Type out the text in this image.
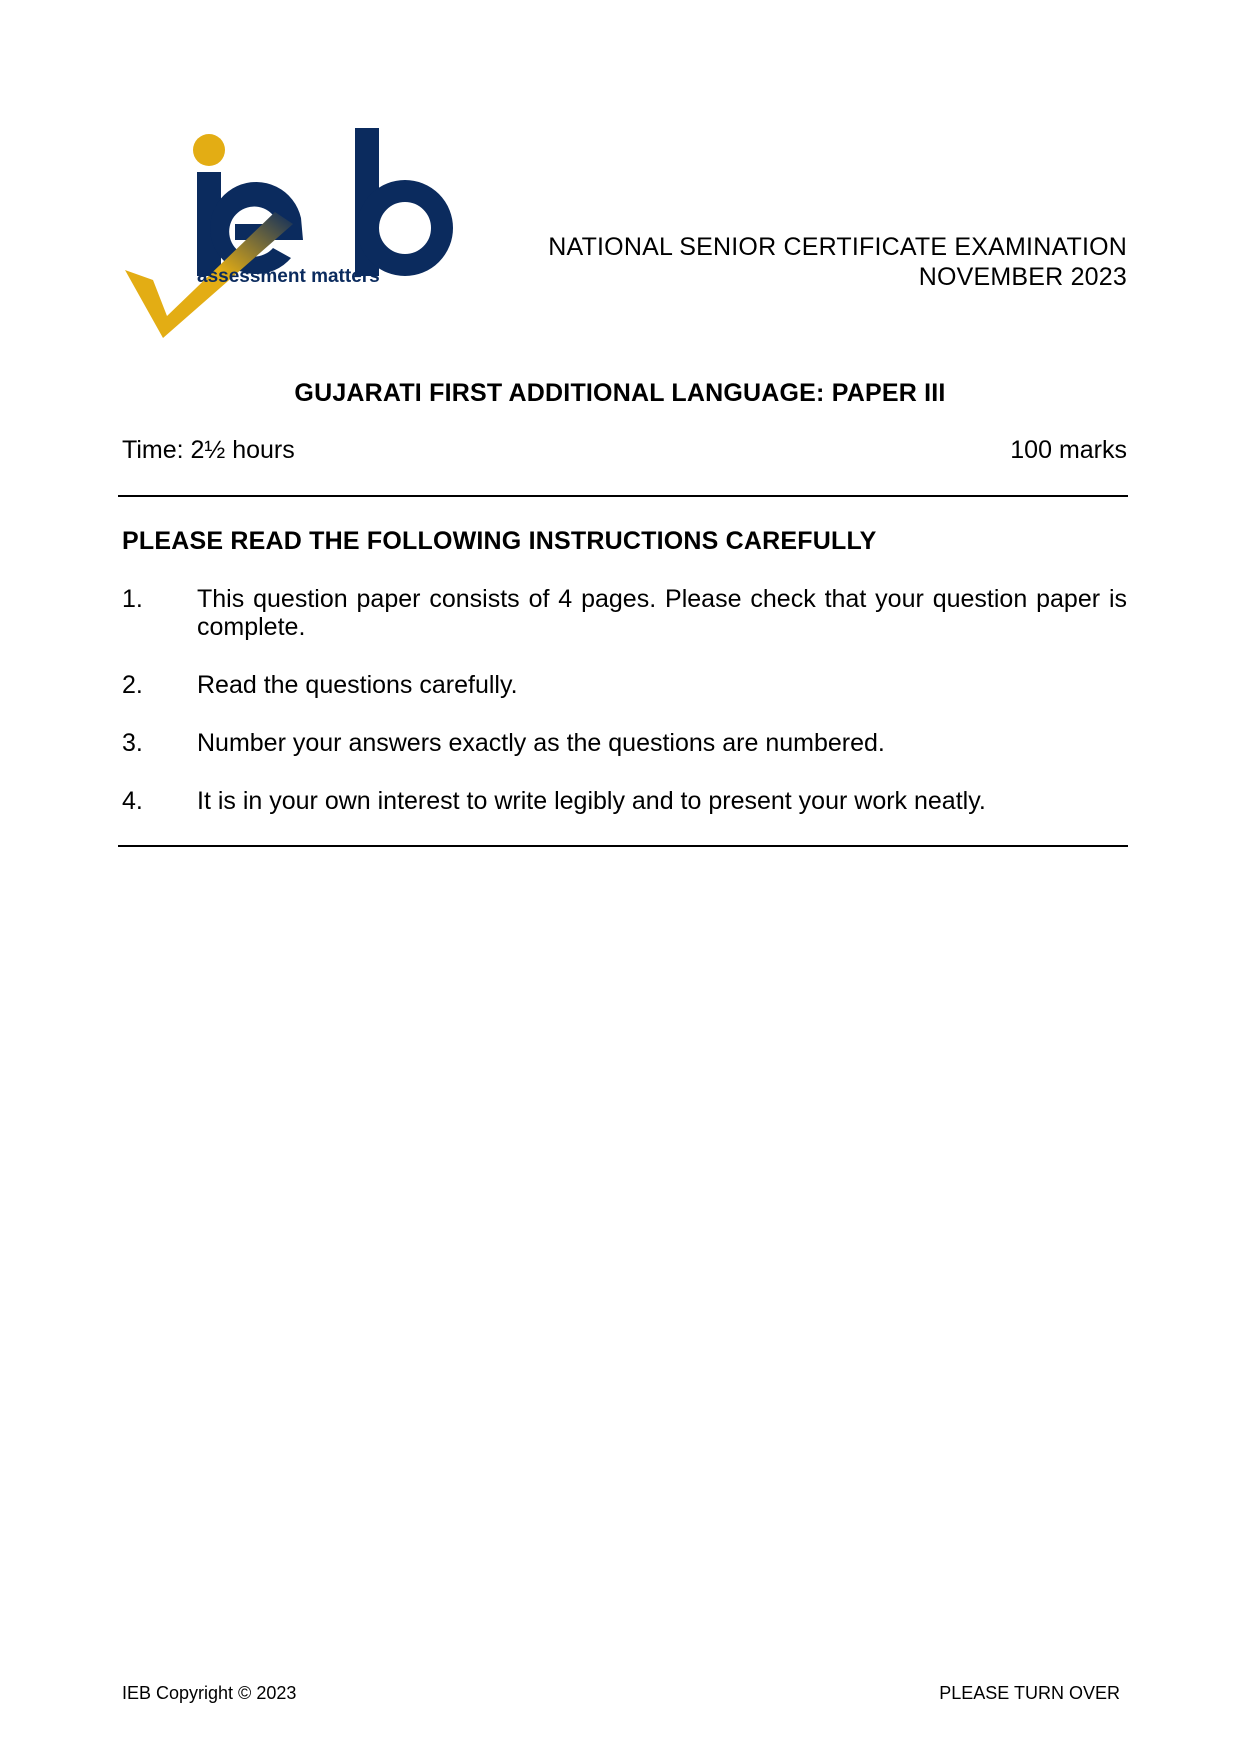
assessment matters
NATIONAL SENIOR CERTIFICATE EXAMINATION
NOVEMBER 2023
GUJARATI FIRST ADDITIONAL LANGUAGE: PAPER III
Time: 2½ hours	100 marks
PLEASE READ THE FOLLOWING INSTRUCTIONS CAREFULLY
1.	This question paper consists of 4 pages. Please check that your question paper is complete.
2.	Read the questions carefully.
3.	Number your answers exactly as the questions are numbered.
4.	It is in your own interest to write legibly and to present your work neatly.
IEB Copyright © 2023	PLEASE TURN OVER
